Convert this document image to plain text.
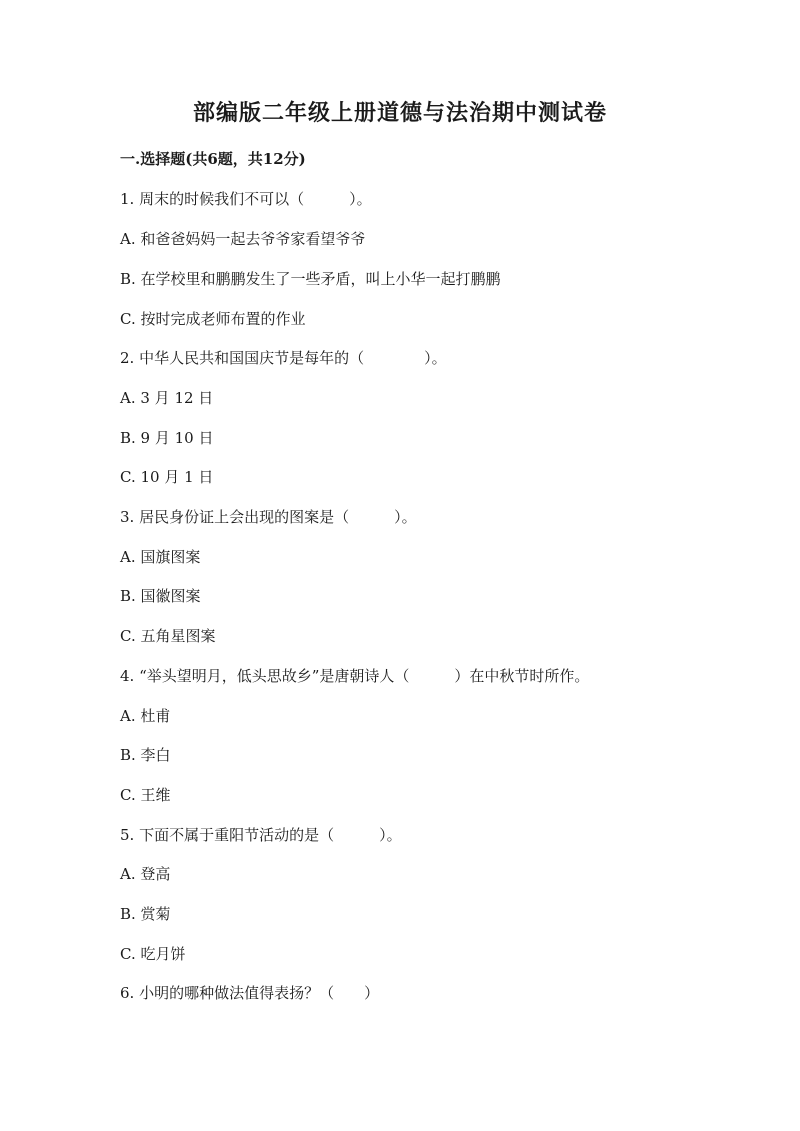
部编版二年级上册道德与法治期中测试卷
一.选择题(共6题，共12分)
1. 周末的时候我们不可以（　　　）。
A. 和爸爸妈妈一起去爷爷家看望爷爷
B. 在学校里和鹏鹏发生了一些矛盾，叫上小华一起打鹏鹏
C. 按时完成老师布置的作业
2. 中华人民共和国国庆节是每年的（　　　　）。
A. 3 月 12 日
B. 9 月 10 日
C. 10 月 1 日
3. 居民身份证上会出现的图案是（　　　）。
A. 国旗图案
B. 国徽图案
C. 五角星图案
4. “举头望明月，低头思故乡”是唐朝诗人（　　　）在中秋节时所作。
A. 杜甫
B. 李白
C. 王维
5. 下面不属于重阳节活动的是（　　　）。
A. 登高
B. 赏菊
C. 吃月饼
6. 小明的哪种做法值得表扬？（　　）
